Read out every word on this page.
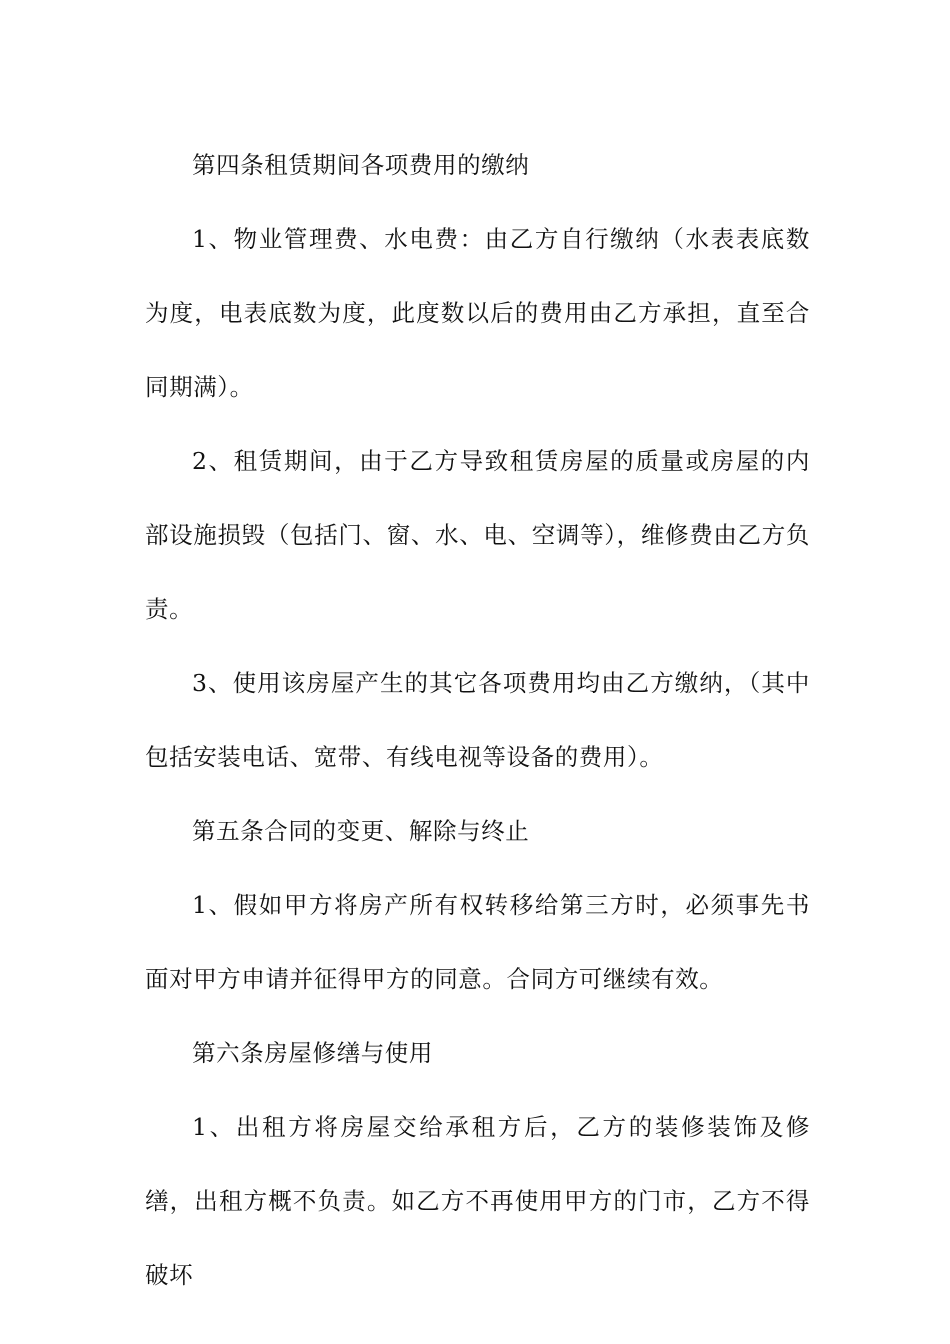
第四条租赁期间各项费用的缴纳

1、物业管理费、水电费：由乙方自行缴纳（水表表底数为度，电表底数为度，此度数以后的费用由乙方承担，直至合同期满）。

2、租赁期间，由于乙方导致租赁房屋的质量或房屋的内部设施损毁（包括门、窗、水、电、空调等），维修费由乙方负责。

3、使用该房屋产生的其它各项费用均由乙方缴纳，（其中包括安装电话、宽带、有线电视等设备的费用）。

第五条合同的变更、解除与终止

1、假如甲方将房产所有权转移给第三方时，必须事先书面对甲方申请并征得甲方的同意。合同方可继续有效。

第六条房屋修缮与使用

1、出租方将房屋交给承租方后，乙方的装修装饰及修缮，出租方概不负责。如乙方不再使用甲方的门市，乙方不得破坏
